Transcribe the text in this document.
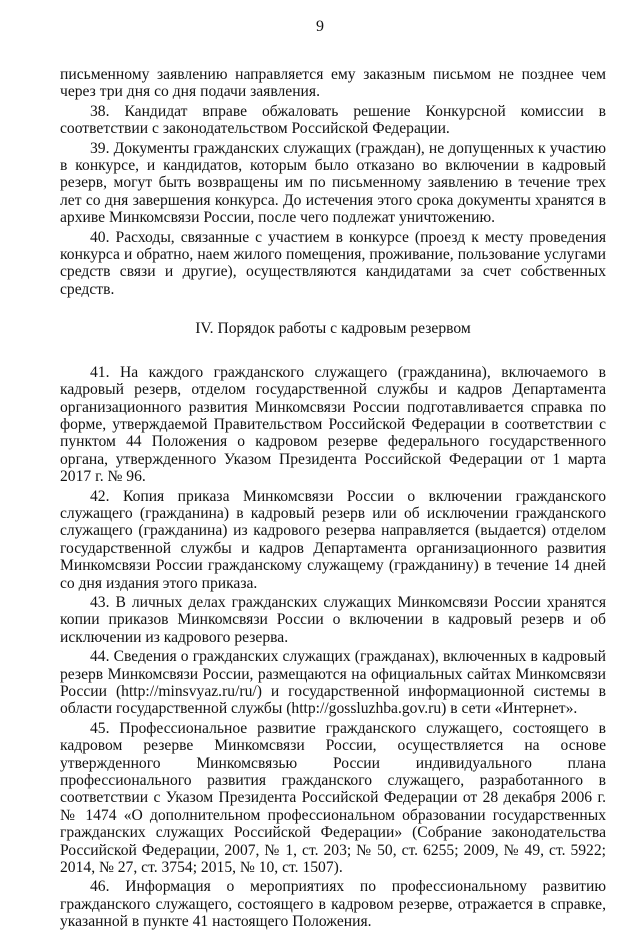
9

письменному заявлению направляется ему заказным письмом не позднее чем через три дня со дня подачи заявления.

38. Кандидат вправе обжаловать решение Конкурсной комиссии в соответствии с законодательством Российской Федерации.

39. Документы гражданских служащих (граждан), не допущенных к участию в конкурсе, и кандидатов, которым было отказано во включении в кадровый резерв, могут быть возвращены им по письменному заявлению в течение трех лет со дня завершения конкурса. До истечения этого срока документы хранятся в архиве Минкомсвязи России, после чего подлежат уничтожению.

40. Расходы, связанные с участием в конкурсе (проезд к месту проведения конкурса и обратно, наем жилого помещения, проживание, пользование услугами средств связи и другие), осуществляются кандидатами за счет собственных средств.

IV. Порядок работы с кадровым резервом

41. На каждого гражданского служащего (гражданина), включаемого в кадровый резерв, отделом государственной службы и кадров Департамента организационного развития Минкомсвязи России подготавливается справка по форме, утверждаемой Правительством Российской Федерации в соответствии с пунктом 44 Положения о кадровом резерве федерального государственного органа, утвержденного Указом Президента Российской Федерации от 1 марта 2017 г. № 96.

42. Копия приказа Минкомсвязи России о включении гражданского служащего (гражданина) в кадровый резерв или об исключении гражданского служащего (гражданина) из кадрового резерва направляется (выдается) отделом государственной службы и кадров Департамента организационного развития Минкомсвязи России гражданскому служащему (гражданину) в течение 14 дней со дня издания этого приказа.

43. В личных делах гражданских служащих Минкомсвязи России хранятся копии приказов Минкомсвязи России о включении в кадровый резерв и об исключении из кадрового резерва.

44. Сведения о гражданских служащих (гражданах), включенных в кадровый резерв Минкомсвязи России, размещаются на официальных сайтах Минкомсвязи России (http://minsvyaz.ru/ru/) и государственной информационной системы в области государственной службы (http://gossluzhba.gov.ru) в сети «Интернет».

45. Профессиональное развитие гражданского служащего, состоящего в кадровом резерве Минкомсвязи России, осуществляется на основе утвержденного Минкомсвязью России индивидуального плана профессионального развития гражданского служащего, разработанного в соответствии с Указом Президента Российской Федерации от 28 декабря 2006 г. № 1474 «О дополнительном профессиональном образовании государственных гражданских служащих Российской Федерации» (Собрание законодательства Российской Федерации, 2007, № 1, ст. 203; № 50, ст. 6255; 2009, № 49, ст. 5922; 2014, № 27, ст. 3754; 2015, № 10, ст. 1507).

46. Информация о мероприятиях по профессиональному развитию гражданского служащего, состоящего в кадровом резерве, отражается в справке, указанной в пункте 41 настоящего Положения.
